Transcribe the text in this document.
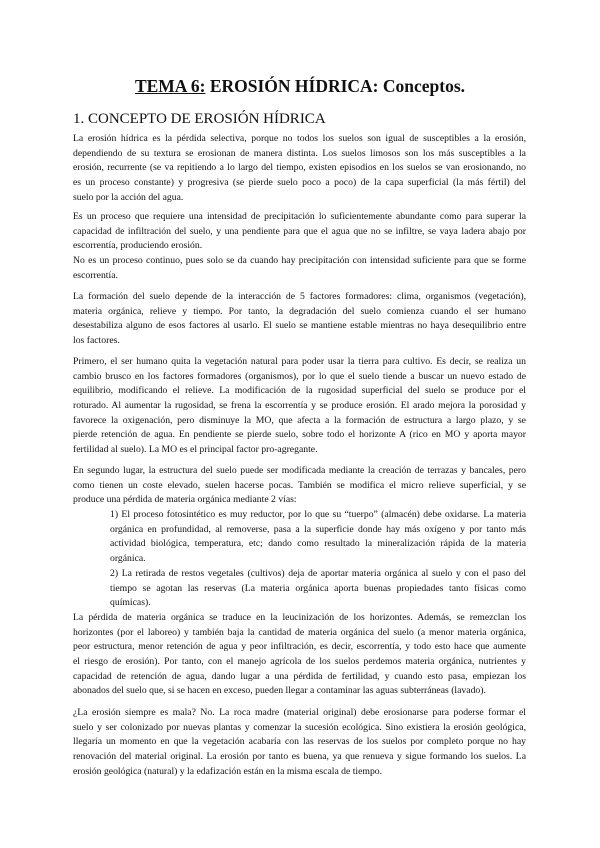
TEMA 6: EROSIÓN HÍDRICA: Conceptos.
1. CONCEPTO DE EROSIÓN HÍDRICA
La erosión hídrica es la pérdida selectiva, porque no todos los suelos son igual de susceptibles a la erosión,
dependiendo de su textura se erosionan de manera distinta. Los suelos limosos son los más susceptibles a la
erosión, recurrente (se va repitiendo a lo largo del tiempo, existen episodios en los suelos se van erosionando, no
es un proceso constante) y progresiva (se pierde suelo poco a poco) de la capa superficial (la más fértil) del
suelo por la acción del agua.
Es un proceso que requiere una intensidad de precipitación lo suficientemente abundante como para superar la
capacidad de infiltración del suelo, y una pendiente para que el agua que no se infiltre, se vaya ladera abajo por
escorrentía, produciendo erosión.
No es un proceso continuo, pues solo se da cuando hay precipitación con intensidad suficiente para que se forme
escorrentía.
La formación del suelo depende de la interacción de 5 factores formadores: clima, organismos (vegetación),
materia orgánica, relieve y tiempo. Por tanto, la degradación del suelo comienza cuando el ser humano
desestabiliza alguno de esos factores al usarlo. El suelo se mantiene estable mientras no haya desequilibrio entre
los factores.
Primero, el ser humano quita la vegetación natural para poder usar la tierra para cultivo. Es decir, se realiza un
cambio brusco en los factores formadores (organismos), por lo que el suelo tiende a buscar un nuevo estado de
equilibrio, modificando el relieve. La modificación de la rugosidad superficial del suelo se produce por el
roturado. Al aumentar la rugosidad, se frena la escorrentía y se produce erosión. El arado mejora la porosidad y
favorece la oxigenación, pero disminuye la MO, que afecta a la formación de estructura a largo plazo, y se
pierde retención de agua. En pendiente se pierde suelo, sobre todo el horizonte A (rico en MO y aporta mayor
fertilidad al suelo). La MO es el principal factor pro-agregante.
En segundo lugar, la estructura del suelo puede ser modificada mediante la creación de terrazas y bancales, pero
como tienen un coste elevado, suelen hacerse pocas. También se modifica el micro relieve superficial, y se
produce una pérdida de materia orgánica mediante 2 vías:
1) El proceso fotosintético es muy reductor, por lo que su “tuerpo” (almacén) debe oxidarse. La materia
orgánica en profundidad, al removerse, pasa a la superficie donde hay más oxígeno y por tanto más
actividad biológica, temperatura, etc; dando como resultado la mineralización rápida de la materia
orgánica.
2) La retirada de restos vegetales (cultivos) deja de aportar materia orgánica al suelo y con el paso del
tiempo se agotan las reservas (La materia orgánica aporta buenas propiedades tanto físicas como
químicas).
La pérdida de materia orgánica se traduce en la leucinización de los horizontes. Además, se remezclan los
horizontes (por el laboreo) y también baja la cantidad de materia orgánica del suelo (a menor materia orgánica,
peor estructura, menor retención de agua y peor infiltración, es decir, escorrentía, y todo esto hace que aumente
el riesgo de erosión). Por tanto, con el manejo agrícola de los suelos perdemos materia orgánica, nutrientes y
capacidad de retención de agua, dando lugar a una pérdida de fertilidad, y cuando esto pasa, empiezan los
abonados del suelo que, si se hacen en exceso, pueden llegar a contaminar las aguas subterráneas (lavado).
¿La erosión siempre es mala? No. La roca madre (material original) debe erosionarse para poderse formar el
suelo y ser colonizado por nuevas plantas y comenzar la sucesión ecológica. Sino existiera la erosión geológica,
llegaría un momento en que la vegetación acabaría con las reservas de los suelos por completo porque no hay
renovación del material original. La erosión por tanto es buena, ya que renueva y sigue formando los suelos. La
erosión geológica (natural) y la edafización están en la misma escala de tiempo.
